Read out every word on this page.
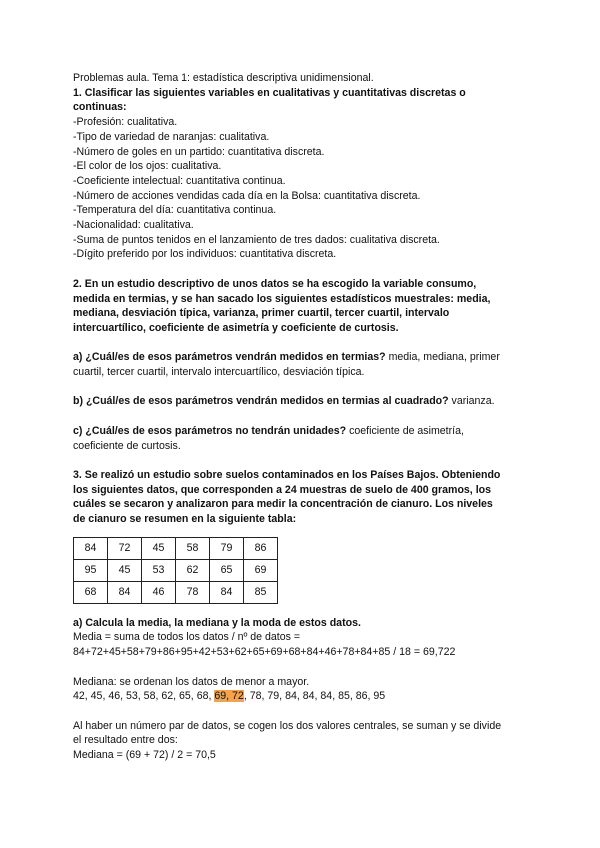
Problemas aula. Tema 1: estadística descriptiva unidimensional.
1. Clasificar las siguientes variables en cualitativas y cuantitativas discretas o
continuas:
-Profesión: cualitativa.
-Tipo de variedad de naranjas: cualitativa.
-Número de goles en un partido: cuantitativa discreta.
-El color de los ojos: cualitativa.
-Coeficiente intelectual: cuantitativa continua.
-Número de acciones vendidas cada día en la Bolsa: cuantitativa discreta.
-Temperatura del día: cuantitativa continua.
-Nacionalidad: cualitativa.
-Suma de puntos tenidos en el lanzamiento de tres dados: cualitativa discreta.
-Dígito preferido por los individuos: cuantitativa discreta.
2. En un estudio descriptivo de unos datos se ha escogido la variable consumo,
medida en termias, y se han sacado los siguientes estadísticos muestrales: media,
mediana, desviación típica, varianza, primer cuartil, tercer cuartil, intervalo
intercuartílico, coeficiente de asimetría y coeficiente de curtosis.
a) ¿Cuál/es de esos parámetros vendrán medidos en termias? media, mediana, primer
cuartil, tercer cuartil, intervalo intercuartílico, desviación típica.
b) ¿Cuál/es de esos parámetros vendrán medidos en termias al cuadrado? varianza.
c) ¿Cuál/es de esos parámetros no tendrán unidades? coeficiente de asimetría,
coeficiente de curtosis.
3. Se realizó un estudio sobre suelos contaminados en los Países Bajos. Obteniendo
los siguientes datos, que corresponden a 24 muestras de suelo de 400 gramos, los
cuáles se secaron y analizaron para medir la concentración de cianuro. Los niveles
de cianuro se resumen en la siguiente tabla:
84	72	45	58	79	86
95	45	53	62	65	69
68	84	46	78	84	85
a) Calcula la media, la mediana y la moda de estos datos.
Media = suma de todos los datos / nº de datos =
84+72+45+58+79+86+95+42+53+62+65+69+68+84+46+78+84+85 / 18 = 69,722
Mediana: se ordenan los datos de menor a mayor.
42, 45, 46, 53, 58, 62, 65, 68, 69, 72, 78, 79, 84, 84, 84, 85, 86, 95
Al haber un número par de datos, se cogen los dos valores centrales, se suman y se divide
el resultado entre dos:
Mediana = (69 + 72) / 2 = 70,5
